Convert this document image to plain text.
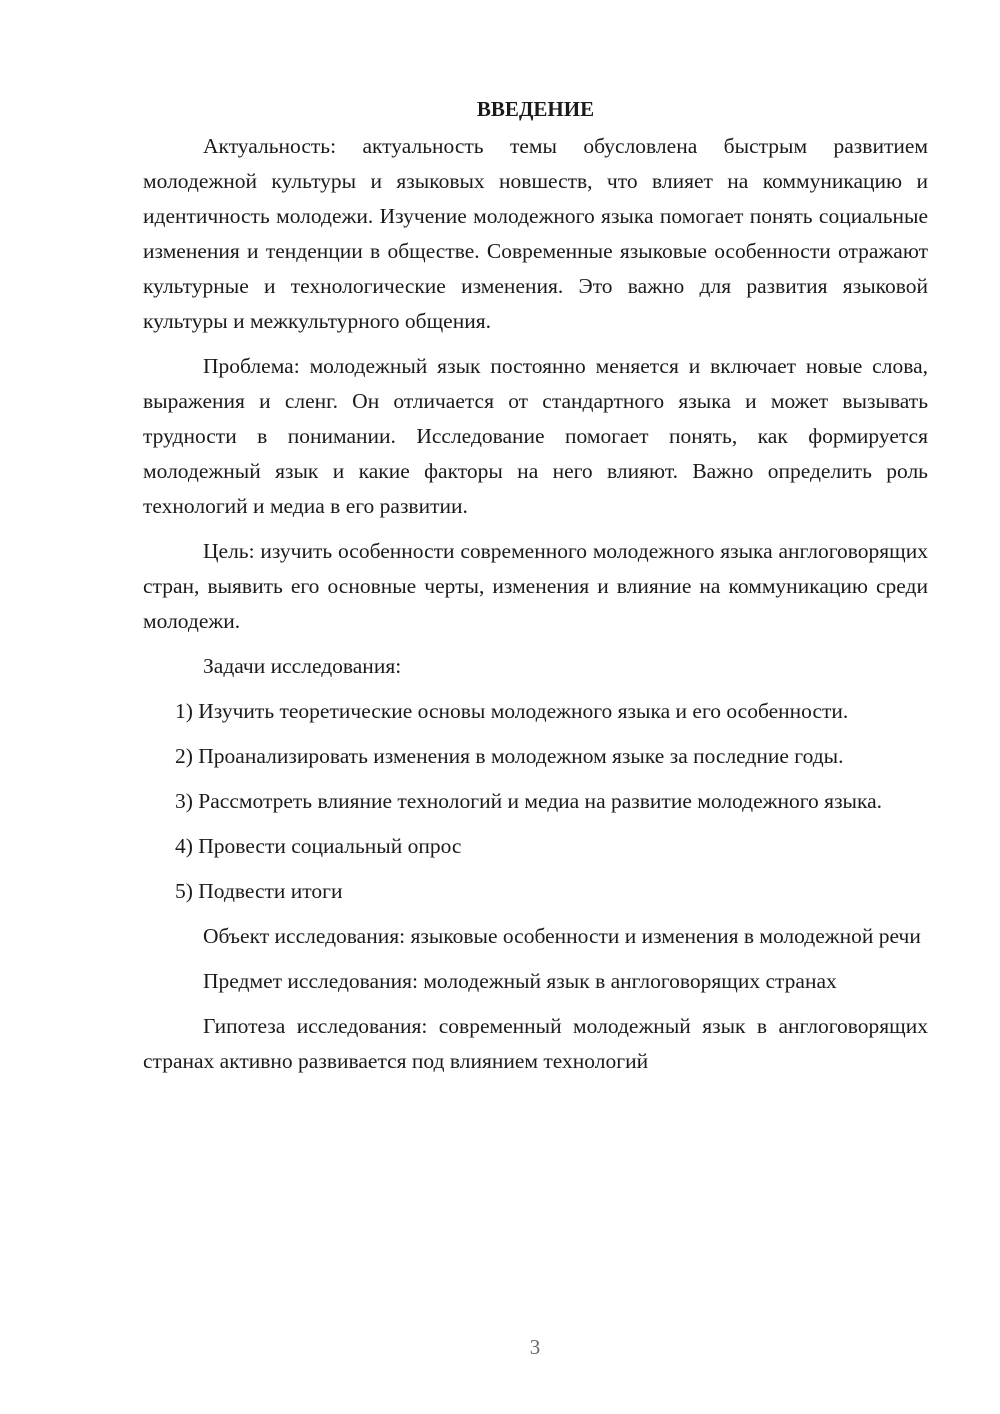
ВВЕДЕНИЕ

Актуальность: актуальность темы обусловлена быстрым развитием молодежной культуры и языковых новшеств, что влияет на коммуникацию и идентичность молодежи. Изучение молодежного языка помогает понять социальные изменения и тенденции в обществе. Современные языковые особенности отражают культурные и технологические изменения. Это важно для развития языковой культуры и межкультурного общения.

Проблема: молодежный язык постоянно меняется и включает новые слова, выражения и сленг. Он отличается от стандартного языка и может вызывать трудности в понимании. Исследование помогает понять, как формируется молодежный язык и какие факторы на него влияют. Важно определить роль технологий и медиа в его развитии.

Цель: изучить особенности современного молодежного языка англоговорящих стран, выявить его основные черты, изменения и влияние на коммуникацию среди молодежи.

Задачи исследования:

1) Изучить теоретические основы молодежного языка и его особенности.

2) Проанализировать изменения в молодежном языке за последние годы.

3) Рассмотреть влияние технологий и медиа на развитие молодежного языка.

4) Провести социальный опрос

5) Подвести итоги

Объект исследования: языковые особенности и изменения в молодежной речи

Предмет исследования: молодежный язык в англоговорящих странах

Гипотеза исследования: современный молодежный язык в англоговорящих странах активно развивается под влиянием технологий

3
